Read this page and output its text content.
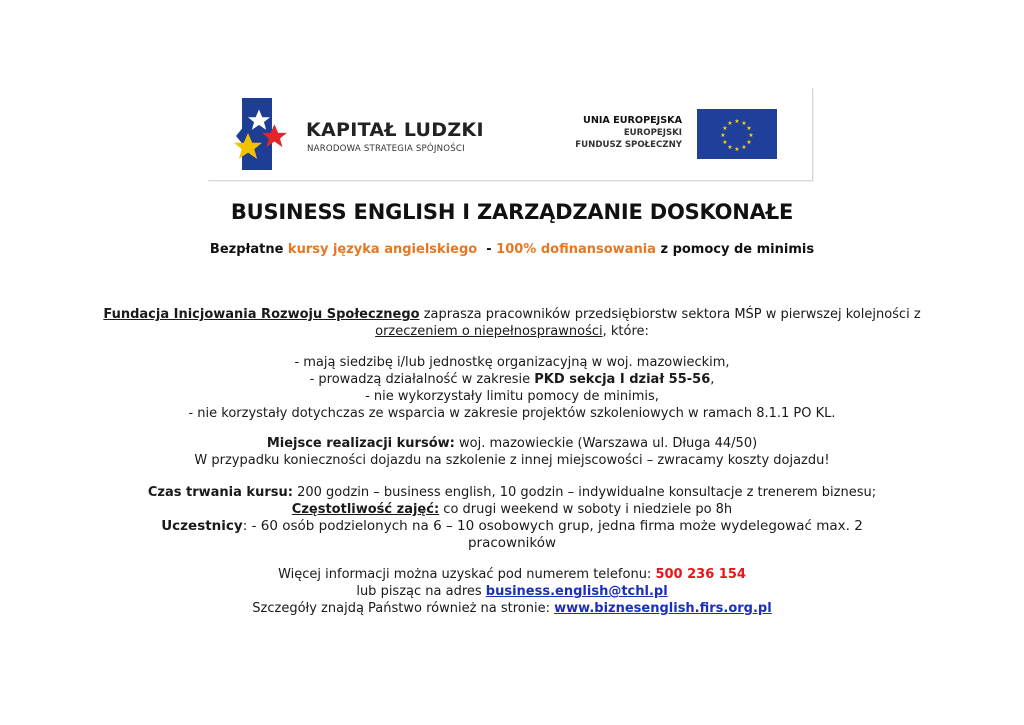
KAPITAŁ LUDZKI
NARODOWA STRATEGIA SPÓJNOŚCI
UNIA EUROPEJSKA
EUROPEJSKI
FUNDUSZ SPOŁECZNY
★ ★
★
★
★
★
★
★
★
★
★
★
BUSINESS ENGLISH I ZARZĄDZANIE DOSKONAŁE
Bezpłatne kursy języka angielskiego  - 100% dofinansowania z pomocy de minimis
Fundacja Inicjowania Rozwoju Społecznego zaprasza pracowników przedsiębiorstw sektora MŚP w pierwszej kolejności z
orzeczeniem o niepełnosprawności, które:
- mają siedzibę i/lub jednostkę organizacyjną w woj. mazowieckim,
- prowadzą działalność w zakresie PKD sekcja I dział 55-56,
- nie wykorzystały limitu pomocy de minimis,
- nie korzystały dotychczas ze wsparcia w zakresie projektów szkoleniowych w ramach 8.1.1 PO KL.
Miejsce realizacji kursów: woj. mazowieckie (Warszawa ul. Długa 44/50)
W przypadku konieczności dojazdu na szkolenie z innej miejscowości – zwracamy koszty dojazdu!
Czas trwania kursu: 200 godzin – business english, 10 godzin – indywidualne konsultacje z trenerem biznesu;
Częstotliwość zajęć: co drugi weekend w soboty i niedziele po 8h
Uczestnicy: - 60 osób podzielonych na 6 – 10 osobowych grup, jedna firma może wydelegować max. 2
pracowników
Więcej informacji można uzyskać pod numerem telefonu: 500 236 154
lub pisząc na adres business.english@tchl.pl
Szczegóły znajdą Państwo również na stronie: www.biznesenglish.firs.org.pl
